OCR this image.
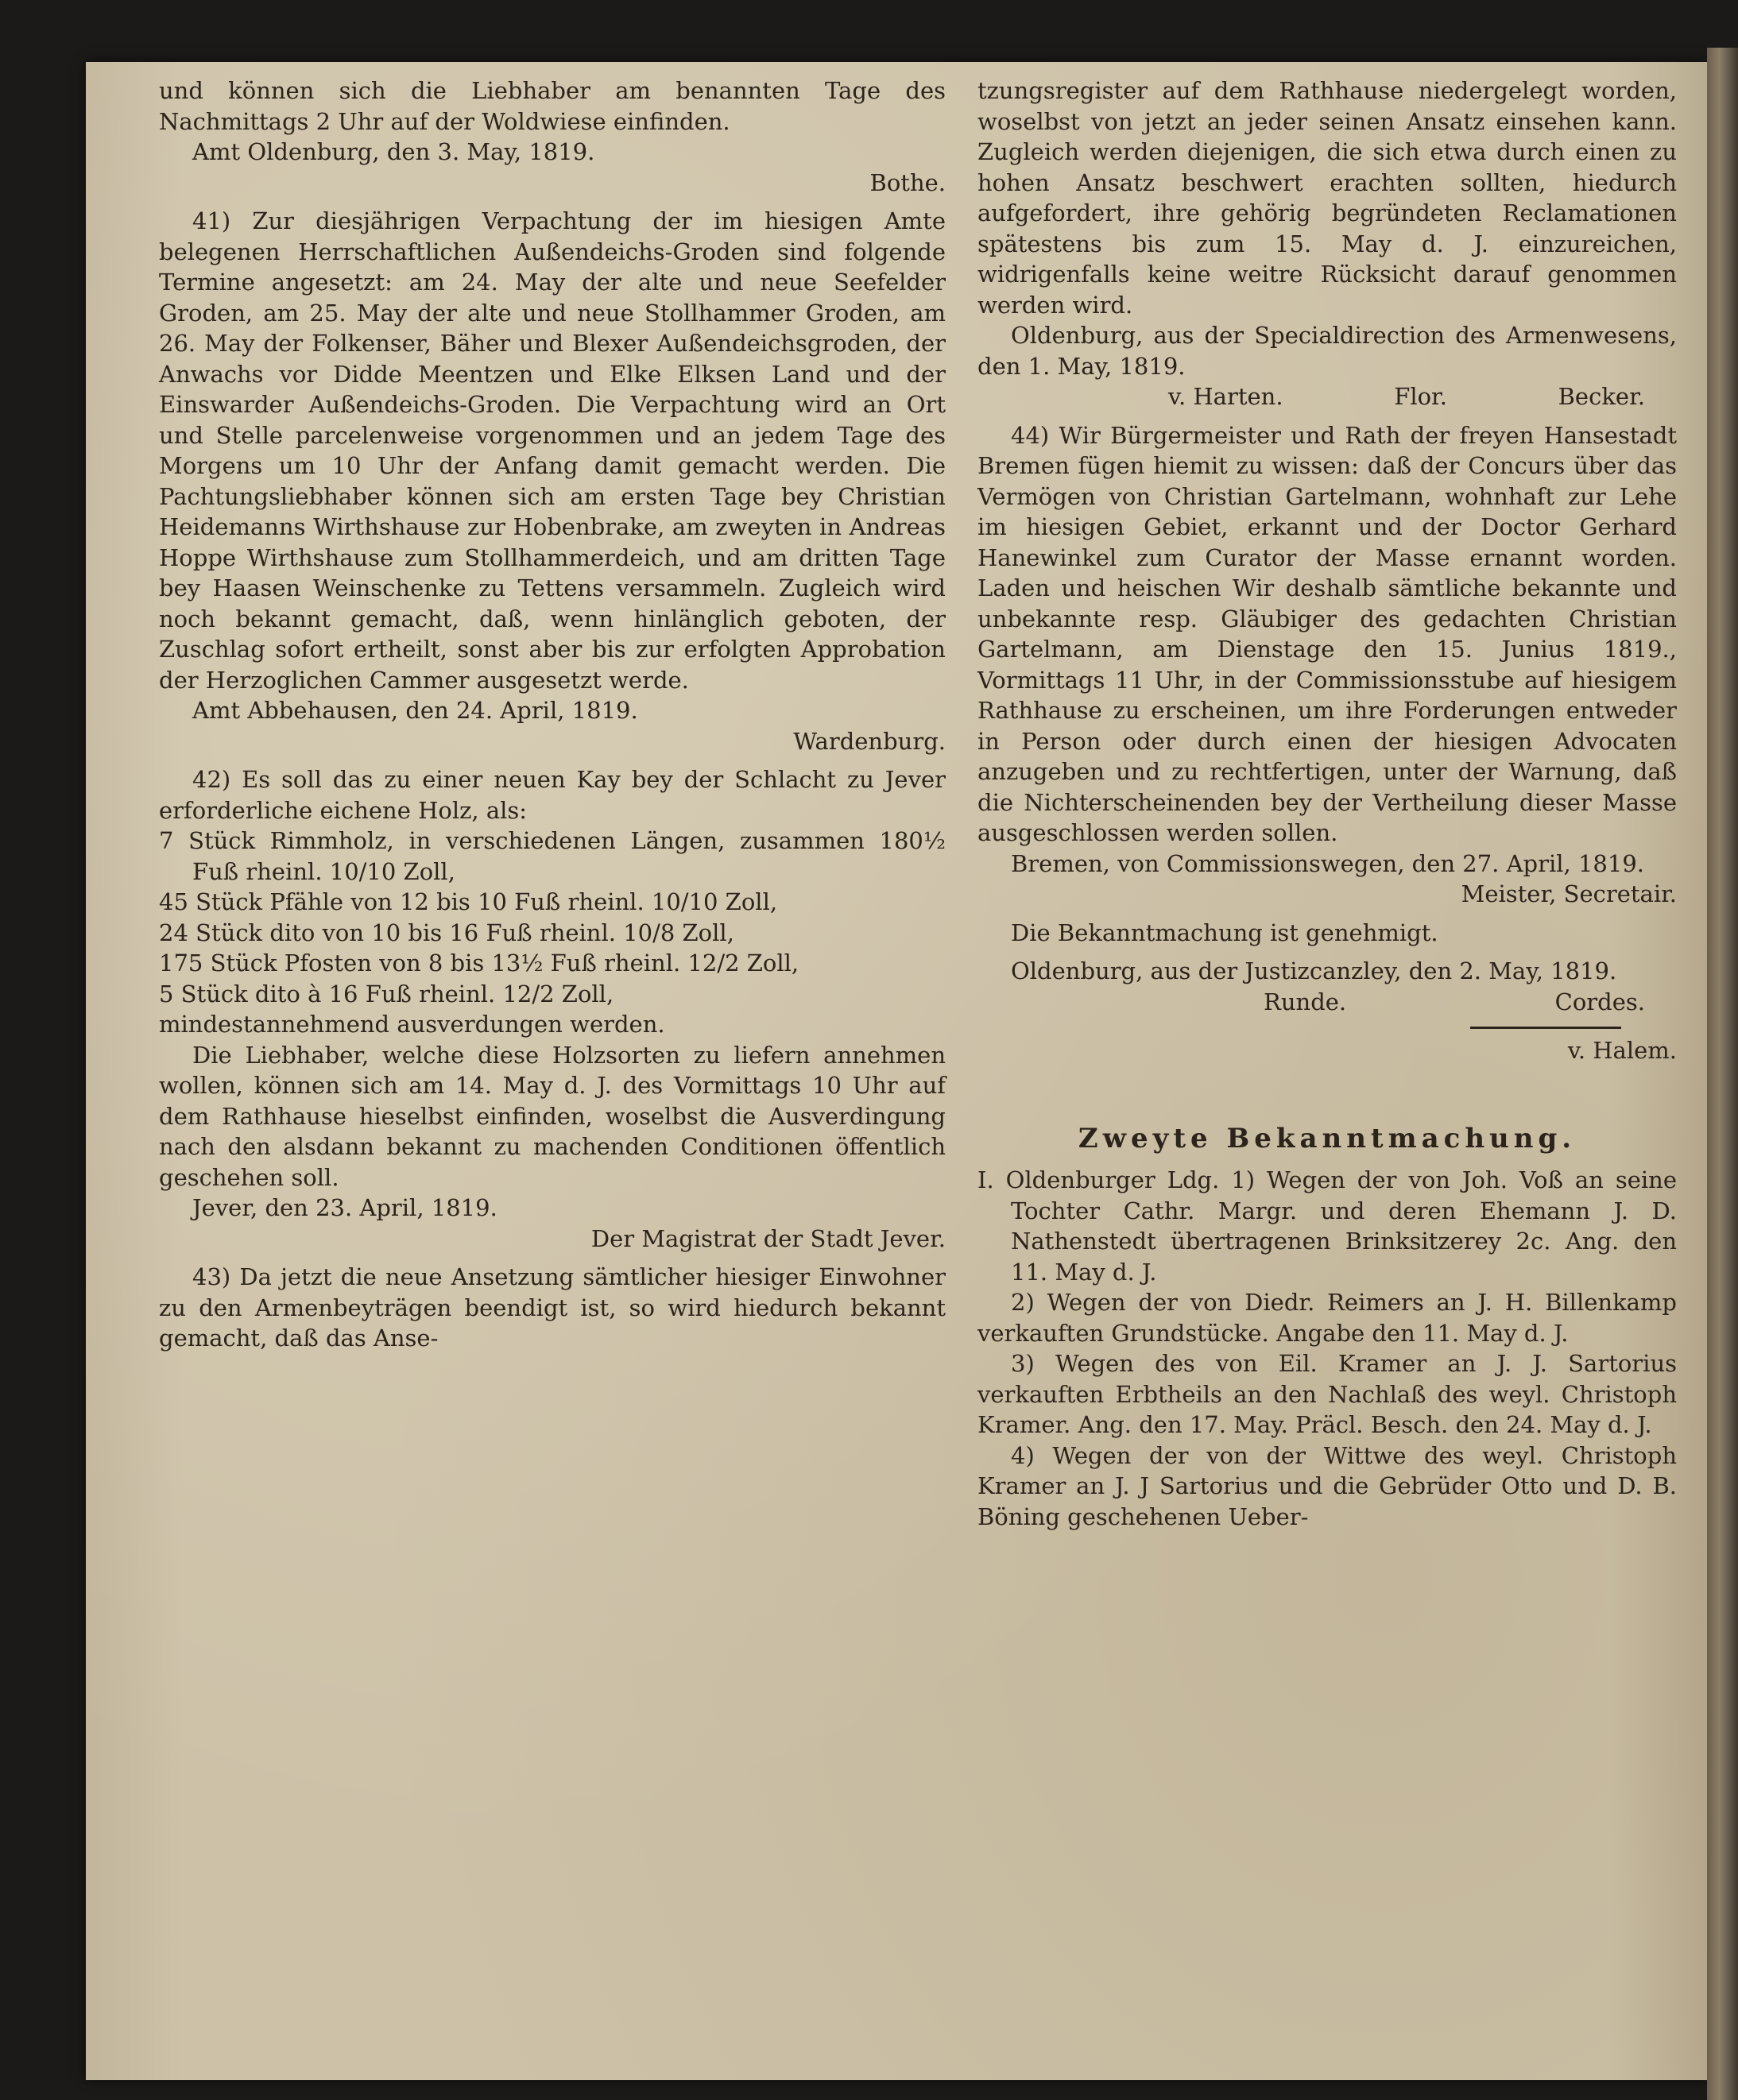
und können sich die Liebhaber am benannten Tage des Nachmittags 2 Uhr auf der Woldwiese einfinden.

Amt Oldenburg, den 3. May, 1819.

Bothe.

41) Zur diesjährigen Verpachtung der im hiesigen Amte belegenen Herrschaftlichen Außendeichs-Groden sind folgende Termine angesetzt: am 24. May der alte und neue Seefelder Groden, am 25. May der alte und neue Stollhammer Groden, am 26. May der Folkenser, Bäher und Blexer Außendeichsgroden, der Anwachs vor Didde Meentzen und Elke Elksen Land und der Einswarder Außendeichs-Groden. Die Verpachtung wird an Ort und Stelle parcelenweise vorgenommen und an jedem Tage des Morgens um 10 Uhr der Anfang damit gemacht werden. Die Pachtungsliebhaber können sich am ersten Tage bey Christian Heidemanns Wirthshause zur Hobenbrake, am zweyten in Andreas Hoppe Wirthshause zum Stollhammerdeich, und am dritten Tage bey Haasen Weinschenke zu Tettens versammeln. Zugleich wird noch bekannt gemacht, daß, wenn hinlänglich geboten, der Zuschlag sofort ertheilt, sonst aber bis zur erfolgten Approbation der Herzoglichen Cammer ausgesetzt werde.

Amt Abbehausen, den 24. April, 1819.

Wardenburg.

42) Es soll das zu einer neuen Kay bey der Schlacht zu Jever erforderliche eichene Holz, als:

7 Stück Rimmholz, in verschiedenen Längen, zusammen 180½ Fuß rheinl. 10/10 Zoll,

45 Stück Pfähle von 12 bis 10 Fuß rheinl. 10/10 Zoll,

24 Stück dito von 10 bis 16 Fuß rheinl. 10/8 Zoll,

175 Stück Pfosten von 8 bis 13½ Fuß rheinl. 12/2 Zoll,

5 Stück dito à 16 Fuß rheinl. 12/2 Zoll,

mindestannehmend ausverdungen werden.

Die Liebhaber, welche diese Holzsorten zu liefern annehmen wollen, können sich am 14. May d. J. des Vormittags 10 Uhr auf dem Rathhause hieselbst einfinden, woselbst die Ausverdingung nach den alsdann bekannt zu machenden Conditionen öffentlich geschehen soll.

Jever, den 23. April, 1819.

Der Magistrat der Stadt Jever.

43) Da jetzt die neue Ansetzung sämtlicher hiesiger Einwohner zu den Armenbeyträgen beendigt ist, so wird hiedurch bekannt gemacht, daß das Anse-

tzungsregister auf dem Rathhause niedergelegt worden, woselbst von jetzt an jeder seinen Ansatz einsehen kann. Zugleich werden diejenigen, die sich etwa durch einen zu hohen Ansatz beschwert erachten sollten, hiedurch aufgefordert, ihre gehörig begründeten Reclamationen spätestens bis zum 15. May d. J. einzureichen, widrigenfalls keine weitre Rücksicht darauf genommen werden wird.

Oldenburg, aus der Specialdirection des Armenwesens, den 1. May, 1819.

v. Harten.	Flor.	Becker.

44) Wir Bürgermeister und Rath der freyen Hansestadt Bremen fügen hiemit zu wissen: daß der Concurs über das Vermögen von Christian Gartelmann, wohnhaft zur Lehe im hiesigen Gebiet, erkannt und der Doctor Gerhard Hanewinkel zum Curator der Masse ernannt worden. Laden und heischen Wir deshalb sämtliche bekannte und unbekannte resp. Gläubiger des gedachten Christian Gartelmann, am Dienstage den 15. Junius 1819., Vormittags 11 Uhr, in der Commissionsstube auf hiesigem Rathhause zu erscheinen, um ihre Forderungen entweder in Person oder durch einen der hiesigen Advocaten anzugeben und zu rechtfertigen, unter der Warnung, daß die Nichterscheinenden bey der Vertheilung dieser Masse ausgeschlossen werden sollen.

Bremen, von Commissionswegen, den 27. April, 1819.

Meister, Secretair.

Die Bekanntmachung ist genehmigt.

Oldenburg, aus der Justizcanzley, den 2. May, 1819.

Runde.	Cordes.

v. Halem.

Zweyte Bekanntmachung.

I. Oldenburger Ldg. 1) Wegen der von Joh. Voß an seine Tochter Cathr. Margr. und deren Ehemann J. D. Nathenstedt übertragenen Brinksitzerey 2c. Ang. den 11. May d. J.

2) Wegen der von Diedr. Reimers an J. H. Billenkamp verkauften Grundstücke. Angabe den 11. May d. J.

3) Wegen des von Eil. Kramer an J. J. Sartorius verkauften Erbtheils an den Nachlaß des weyl. Christoph Kramer. Ang. den 17. May. Präcl. Besch. den 24. May d. J.

4) Wegen der von der Wittwe des weyl. Christoph Kramer an J. J Sartorius und die Gebrüder Otto und D. B. Böning geschehenen Ueber-
